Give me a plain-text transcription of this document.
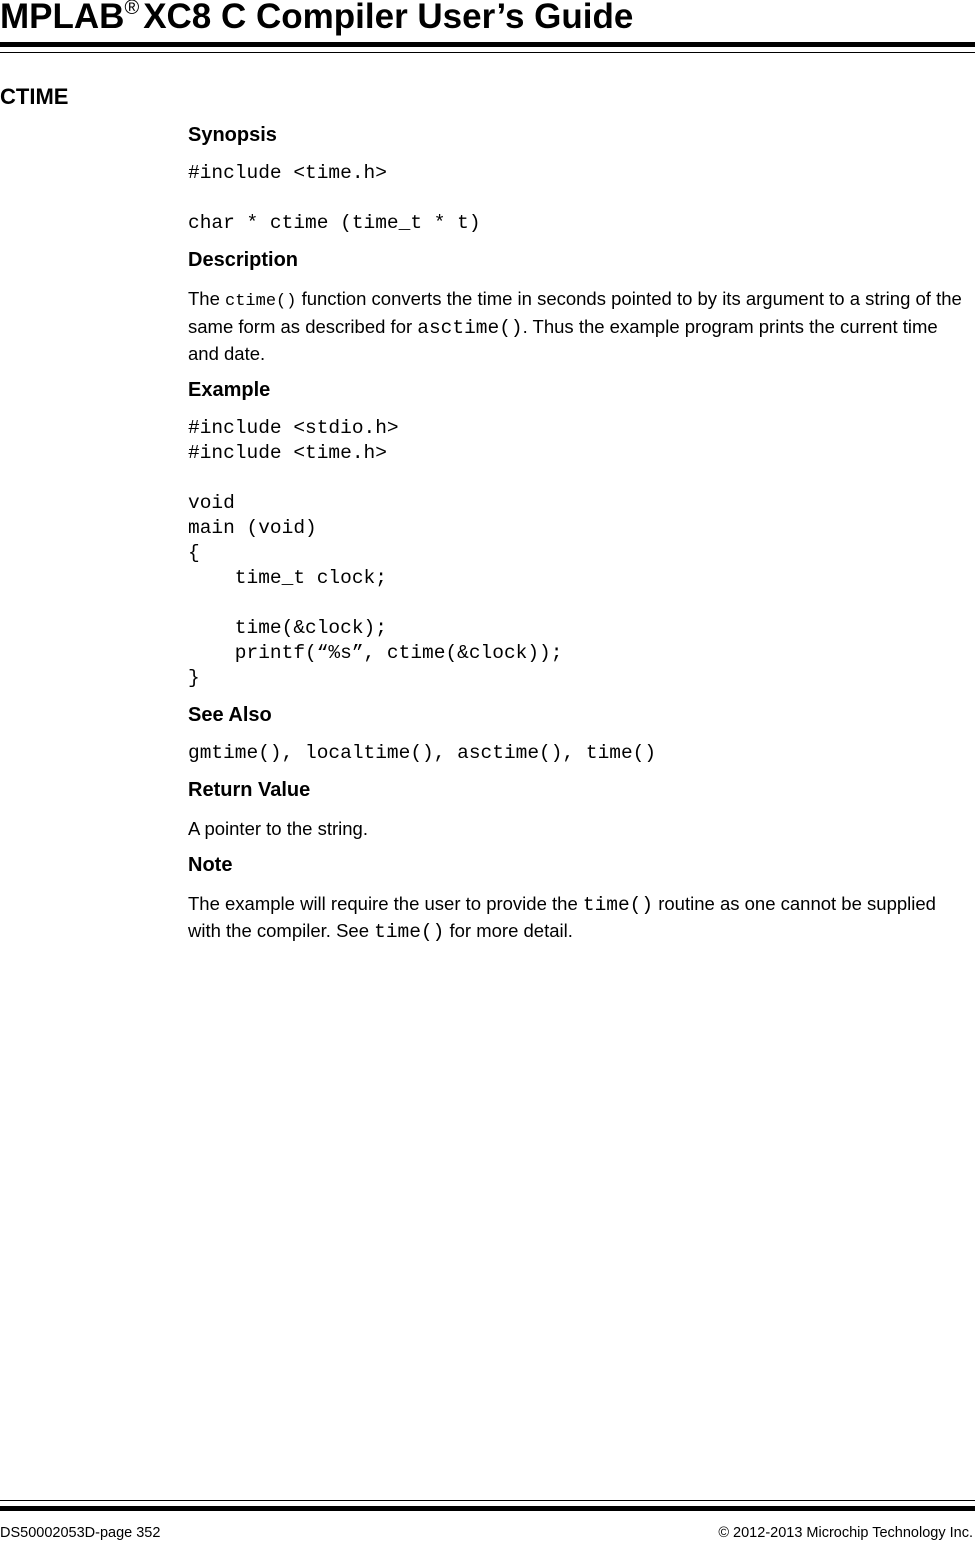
MPLAB® XC8 C Compiler User’s Guide
CTIME
Synopsis
#include <time.h>

char * ctime (time_t * t)
Description

The ctime() function converts the time in seconds pointed to by its argument to a string of the same form as described for asctime(). Thus the example program prints the current time and date.

Example
#include <stdio.h>
#include <time.h>

void
main (void)
{
time_t clock;

time(&clock);
printf(“%s”, ctime(&clock));
}
See Also
gmtime(), localtime(), asctime(), time()
Return Value

A pointer to the string.

Note

The example will require the user to provide the time() routine as one cannot be supplied with the compiler. See time() for more detail.

DS50002053D-page 352	© 2012-2013 Microchip Technology Inc.
